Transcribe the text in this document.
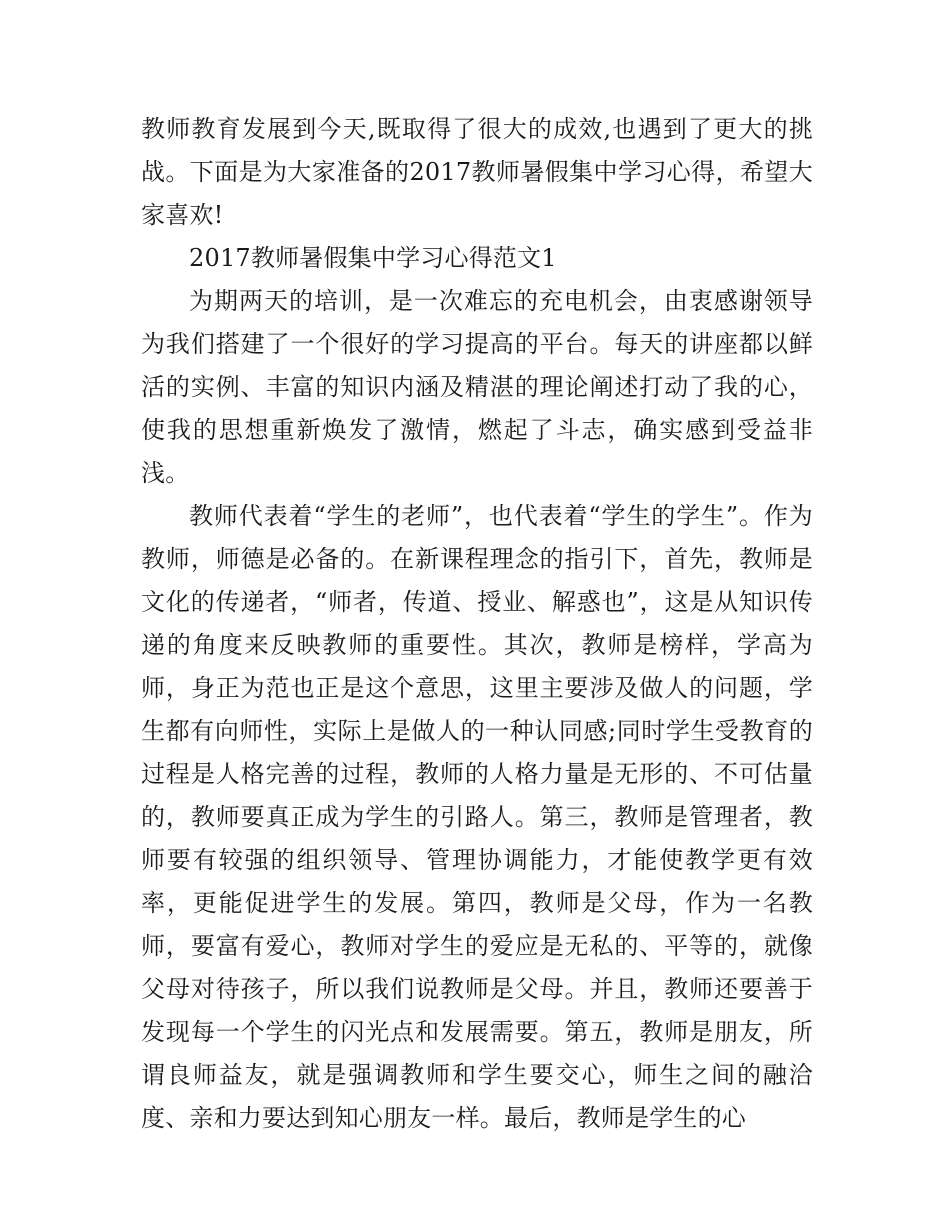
教师教育发展到今天,既取得了很大的成效,也遇到了更大的挑战。下面是为大家准备的2017教师暑假集中学习心得，希望大家喜欢!

2017教师暑假集中学习心得范文1

为期两天的培训，是一次难忘的充电机会，由衷感谢领导为我们搭建了一个很好的学习提高的平台。每天的讲座都以鲜活的实例、丰富的知识内涵及精湛的理论阐述打动了我的心，使我的思想重新焕发了激情，燃起了斗志，确实感到受益非浅。

教师代表着“学生的老师”，也代表着“学生的学生”。作为教师，师德是必备的。在新课程理念的指引下，首先，教师是文化的传递者，“师者，传道、授业、解惑也”，这是从知识传递的角度来反映教师的重要性。其次，教师是榜样，学高为师，身正为范也正是这个意思，这里主要涉及做人的问题，学生都有向师性，实际上是做人的一种认同感;同时学生受教育的过程是人格完善的过程，教师的人格力量是无形的、不可估量的，教师要真正成为学生的引路人。第三，教师是管理者，教师要有较强的组织领导、管理协调能力，才能使教学更有效率，更能促进学生的发展。第四，教师是父母，作为一名教师，要富有爱心，教师对学生的爱应是无私的、平等的，就像父母对待孩子，所以我们说教师是父母。并且，教师还要善于发现每一个学生的闪光点和发展需要。第五，教师是朋友，所谓良师益友，就是强调教师和学生要交心，师生之间的融洽度、亲和力要达到知心朋友一样。最后，教师是学生的心
